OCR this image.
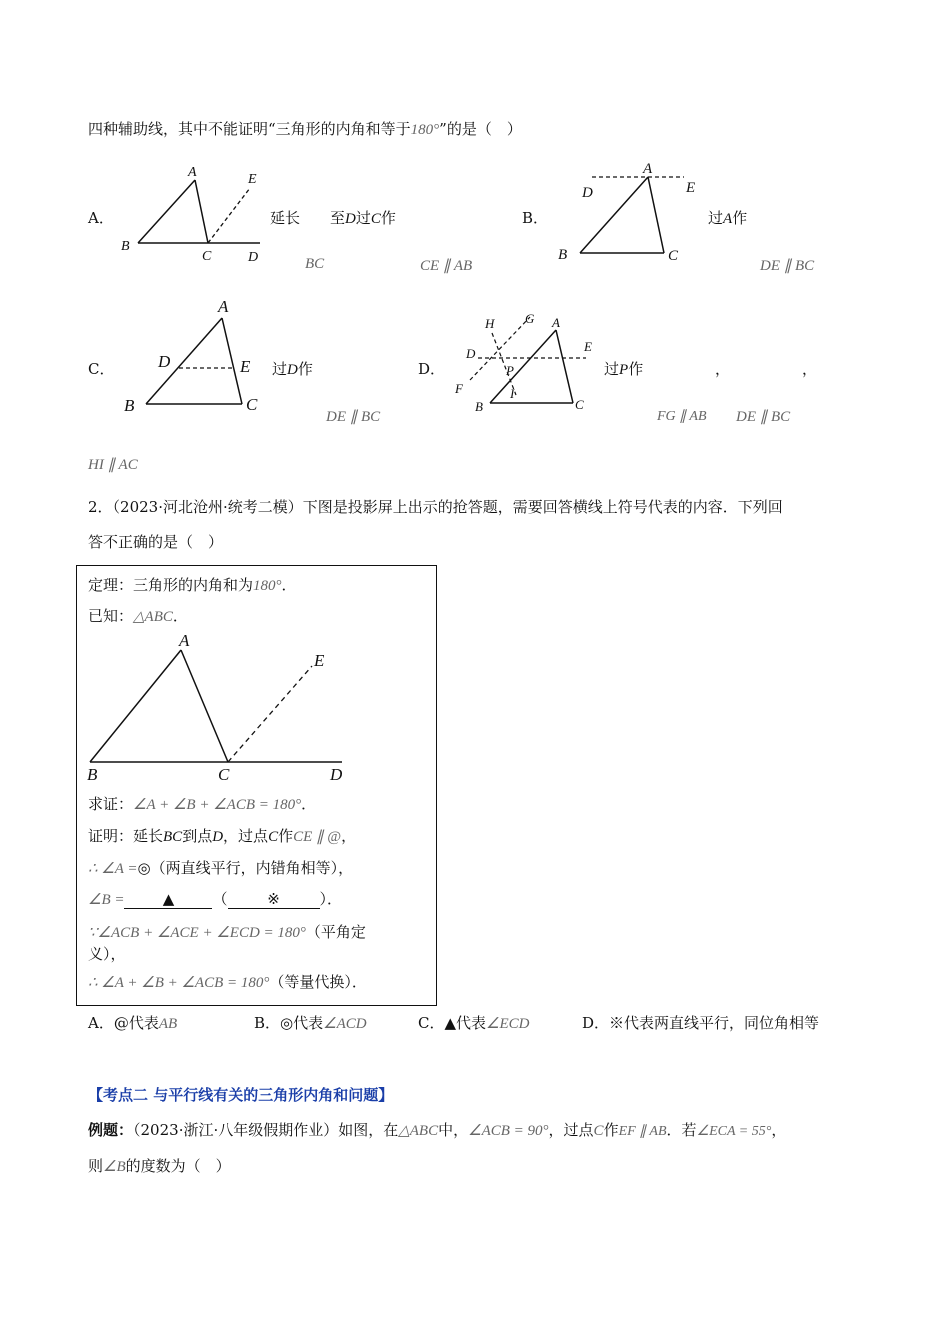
四种辅助线，其中不能证明“三角形的内角和等于180°”的是（　）
A．
A
B
C	D
E
延长 至D过C作
BC	CE ∥ AB
B．
A
B	C
D	E
过A作
DE ∥ BC
C．
A
B	C
D	E 过D作
DE ∥ BC
D．
A
B	C
D	E
F
G
H
I
P	过P作	，	，
FG ∥ AB DE ∥ BC
HI ∥ AC
2．（2023·河北沧州·统考二模）下图是投影屏上出示的抢答题，需要回答横线上符号代表的内容．下列回
答不正确的是（　）
定理：三角形的内角和为180°．
已知：△ABC．
A
B	C	D
E
求证：∠A + ∠B + ∠ACB = 180°．
证明：延长BC到点D，过点C作CE ∥ @，
∴ ∠A =◎（两直线平行，内错角相等），
∠B =	▲	（	※	）．
∵∠ACB + ∠ACE + ∠ECD = 180°（平角定
义），
∴ ∠A + ∠B + ∠ACB = 180°（等量代换）．
A．@代表AB	B．◎代表∠ACD	C．▲代表∠ECD	D．※代表两直线平行，同位角相等
【考点二 与平行线有关的三角形内角和问题】
例题：（2023·浙江·八年级假期作业）如图，在△ABC中，∠ACB = 90°，过点C作EF ∥ AB．若∠ECA = 55°，
则∠B的度数为（　）
